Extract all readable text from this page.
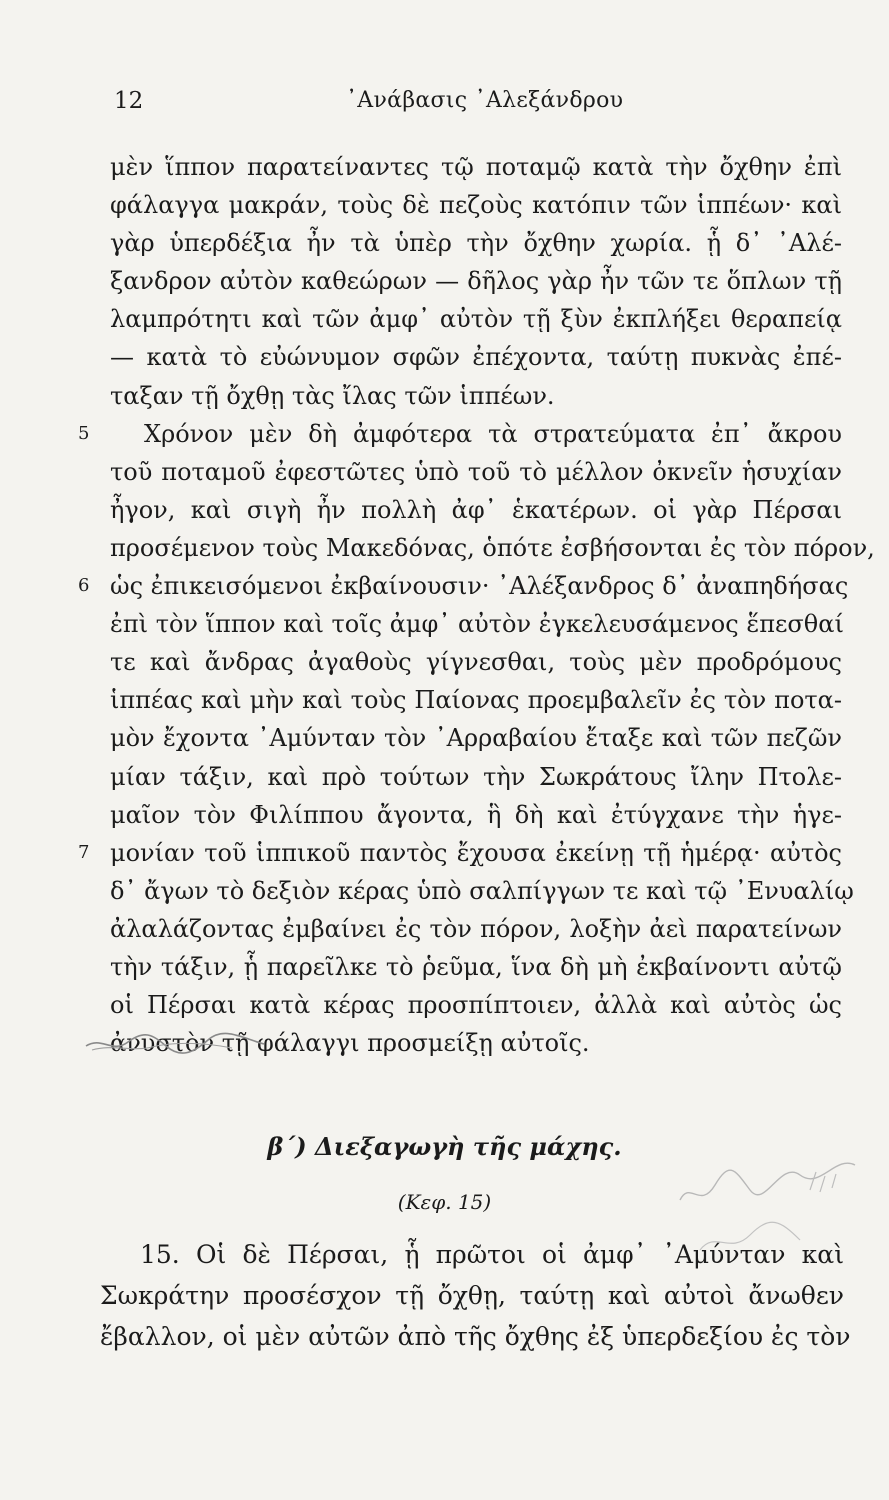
12	᾿Ανάβασις ᾿Αλεξάνδρου
μὲν ἵππον παρατείναντες τῷ ποταμῷ κατὰ τὴν ὄχθην ἐπὶ
φάλαγγα μακράν, τοὺς δὲ πεζοὺς κατόπιν τῶν ἱππέων· καὶ
γὰρ ὑπερδέξια ἦν τὰ ὑπὲρ τὴν ὄχθην χωρία. ᾗ δ᾿ ᾿Αλέ-
ξανδρον αὐτὸν καθεώρων — δῆλος γὰρ ἦν τῶν τε ὅπλων τῇ
λαμπρότητι καὶ τῶν ἀμφ᾿ αὐτὸν τῇ ξὺν ἐκπλήξει θεραπείᾳ
— κατὰ τὸ εὐώνυμον σφῶν ἐπέχοντα, ταύτῃ πυκνὰς ἐπέ-
ταξαν τῇ ὄχθῃ τὰς ἴλας τῶν ἱππέων.
5 Χρόνον μὲν δὴ ἀμφότερα τὰ στρατεύματα ἐπ᾿ ἄκρου
τοῦ ποταμοῦ ἐφεστῶτες ὑπὸ τοῦ τὸ μέλλον ὀκνεῖν ἡσυχίαν
ἦγον, καὶ σιγὴ ἦν πολλὴ ἀφ᾿ ἑκατέρων. οἱ γὰρ Πέρσαι
προσέμενον τοὺς Μακεδόνας, ὁπότε ἐσβήσονται ἐς τὸν πόρον,
6 ὡς ἐπικεισόμενοι ἐκβαίνουσιν· ᾿Αλέξανδρος δ᾿ ἀναπηδήσας
ἐπὶ τὸν ἵππον καὶ τοῖς ἀμφ᾿ αὐτὸν ἐγκελευσάμενος ἕπεσθαί
τε καὶ ἄνδρας ἀγαθοὺς γίγνεσθαι, τοὺς μὲν προδρόμους
ἱππέας καὶ μὴν καὶ τοὺς Παίονας προεμβαλεῖν ἐς τὸν ποτα-
μὸν ἔχοντα ᾿Αμύνταν τὸν ᾿Αρραβαίου ἔταξε καὶ τῶν πεζῶν
μίαν τάξιν, καὶ πρὸ τούτων τὴν Σωκράτους ἴλην Πτολε-
μαῖον τὸν Φιλίππου ἄγοντα, ἣ δὴ καὶ ἐτύγχανε τὴν ἡγε-
7 μονίαν τοῦ ἱππικοῦ παντὸς ἔχουσα ἐκείνῃ τῇ ἡμέρᾳ· αὐτὸς
δ᾿ ἄγων τὸ δεξιὸν κέρας ὑπὸ σαλπίγγων τε καὶ τῷ ᾿Ενυαλίῳ
ἀλαλάζοντας ἐμβαίνει ἐς τὸν πόρον, λοξὴν ἀεὶ παρατείνων
τὴν τάξιν, ᾗ παρεῖλκε τὸ ῥεῦμα, ἵνα δὴ μὴ ἐκβαίνοντι αὐτῷ
οἱ Πέρσαι κατὰ κέρας προσπίπτοιεν, ἀλλὰ καὶ αὐτὸς ὡς
ἀνυστὸν τῇ φάλαγγι προσμείξῃ αὐτοῖς.
β΄) Διεξαγωγὴ τῆς μάχης.
(Κεφ. 15)
15. Οἱ δὲ Πέρσαι, ᾗ πρῶτοι οἱ ἀμφ᾿ ᾿Αμύνταν καὶ
Σωκράτην προσέσχον τῇ ὄχθῃ, ταύτῃ καὶ αὐτοὶ ἄνωθεν
ἔβαλλον, οἱ μὲν αὐτῶν ἀπὸ τῆς ὄχθης ἐξ ὑπερδεξίου ἐς τὸν
